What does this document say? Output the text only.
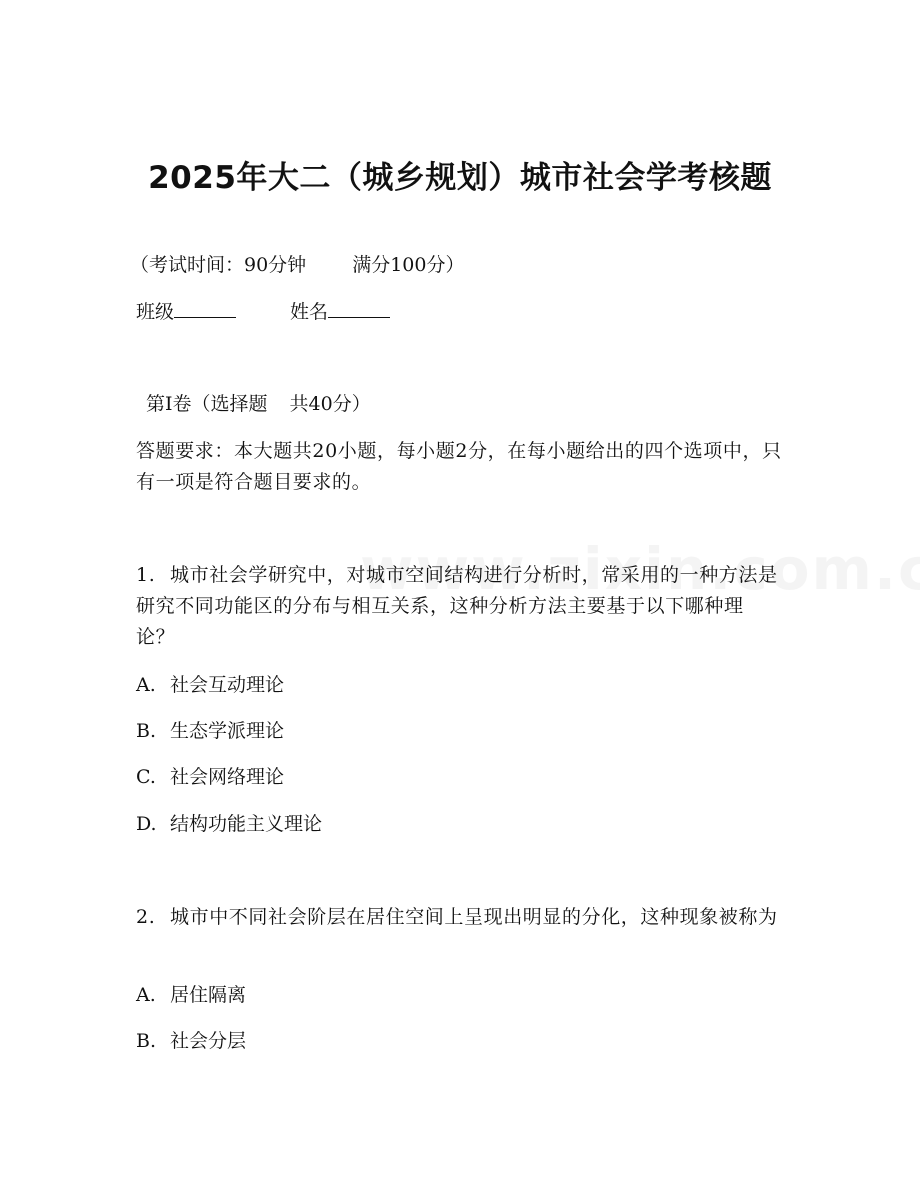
2025年大二（城乡规划）城市社会学考核题

（考试时间：90分钟 满分100分）

班级	姓名

第Ⅰ卷（选择题 共40分）

答题要求：本大题共20小题，每小题2分，在每小题给出的四个选项中，只有一项是符合题目要求的。

1. 城市社会学研究中，对城市空间结构进行分析时，常采用的一种方法是研究不同功能区的分布与相互关系，这种分析方法主要基于以下哪种理论？

A. 社会互动理论

B. 生态学派理论

C. 社会网络理论

D. 结构功能主义理论

2. 城市中不同社会阶层在居住空间上呈现出明显的分化，这种现象被称为

A. 居住隔离

B. 社会分层
